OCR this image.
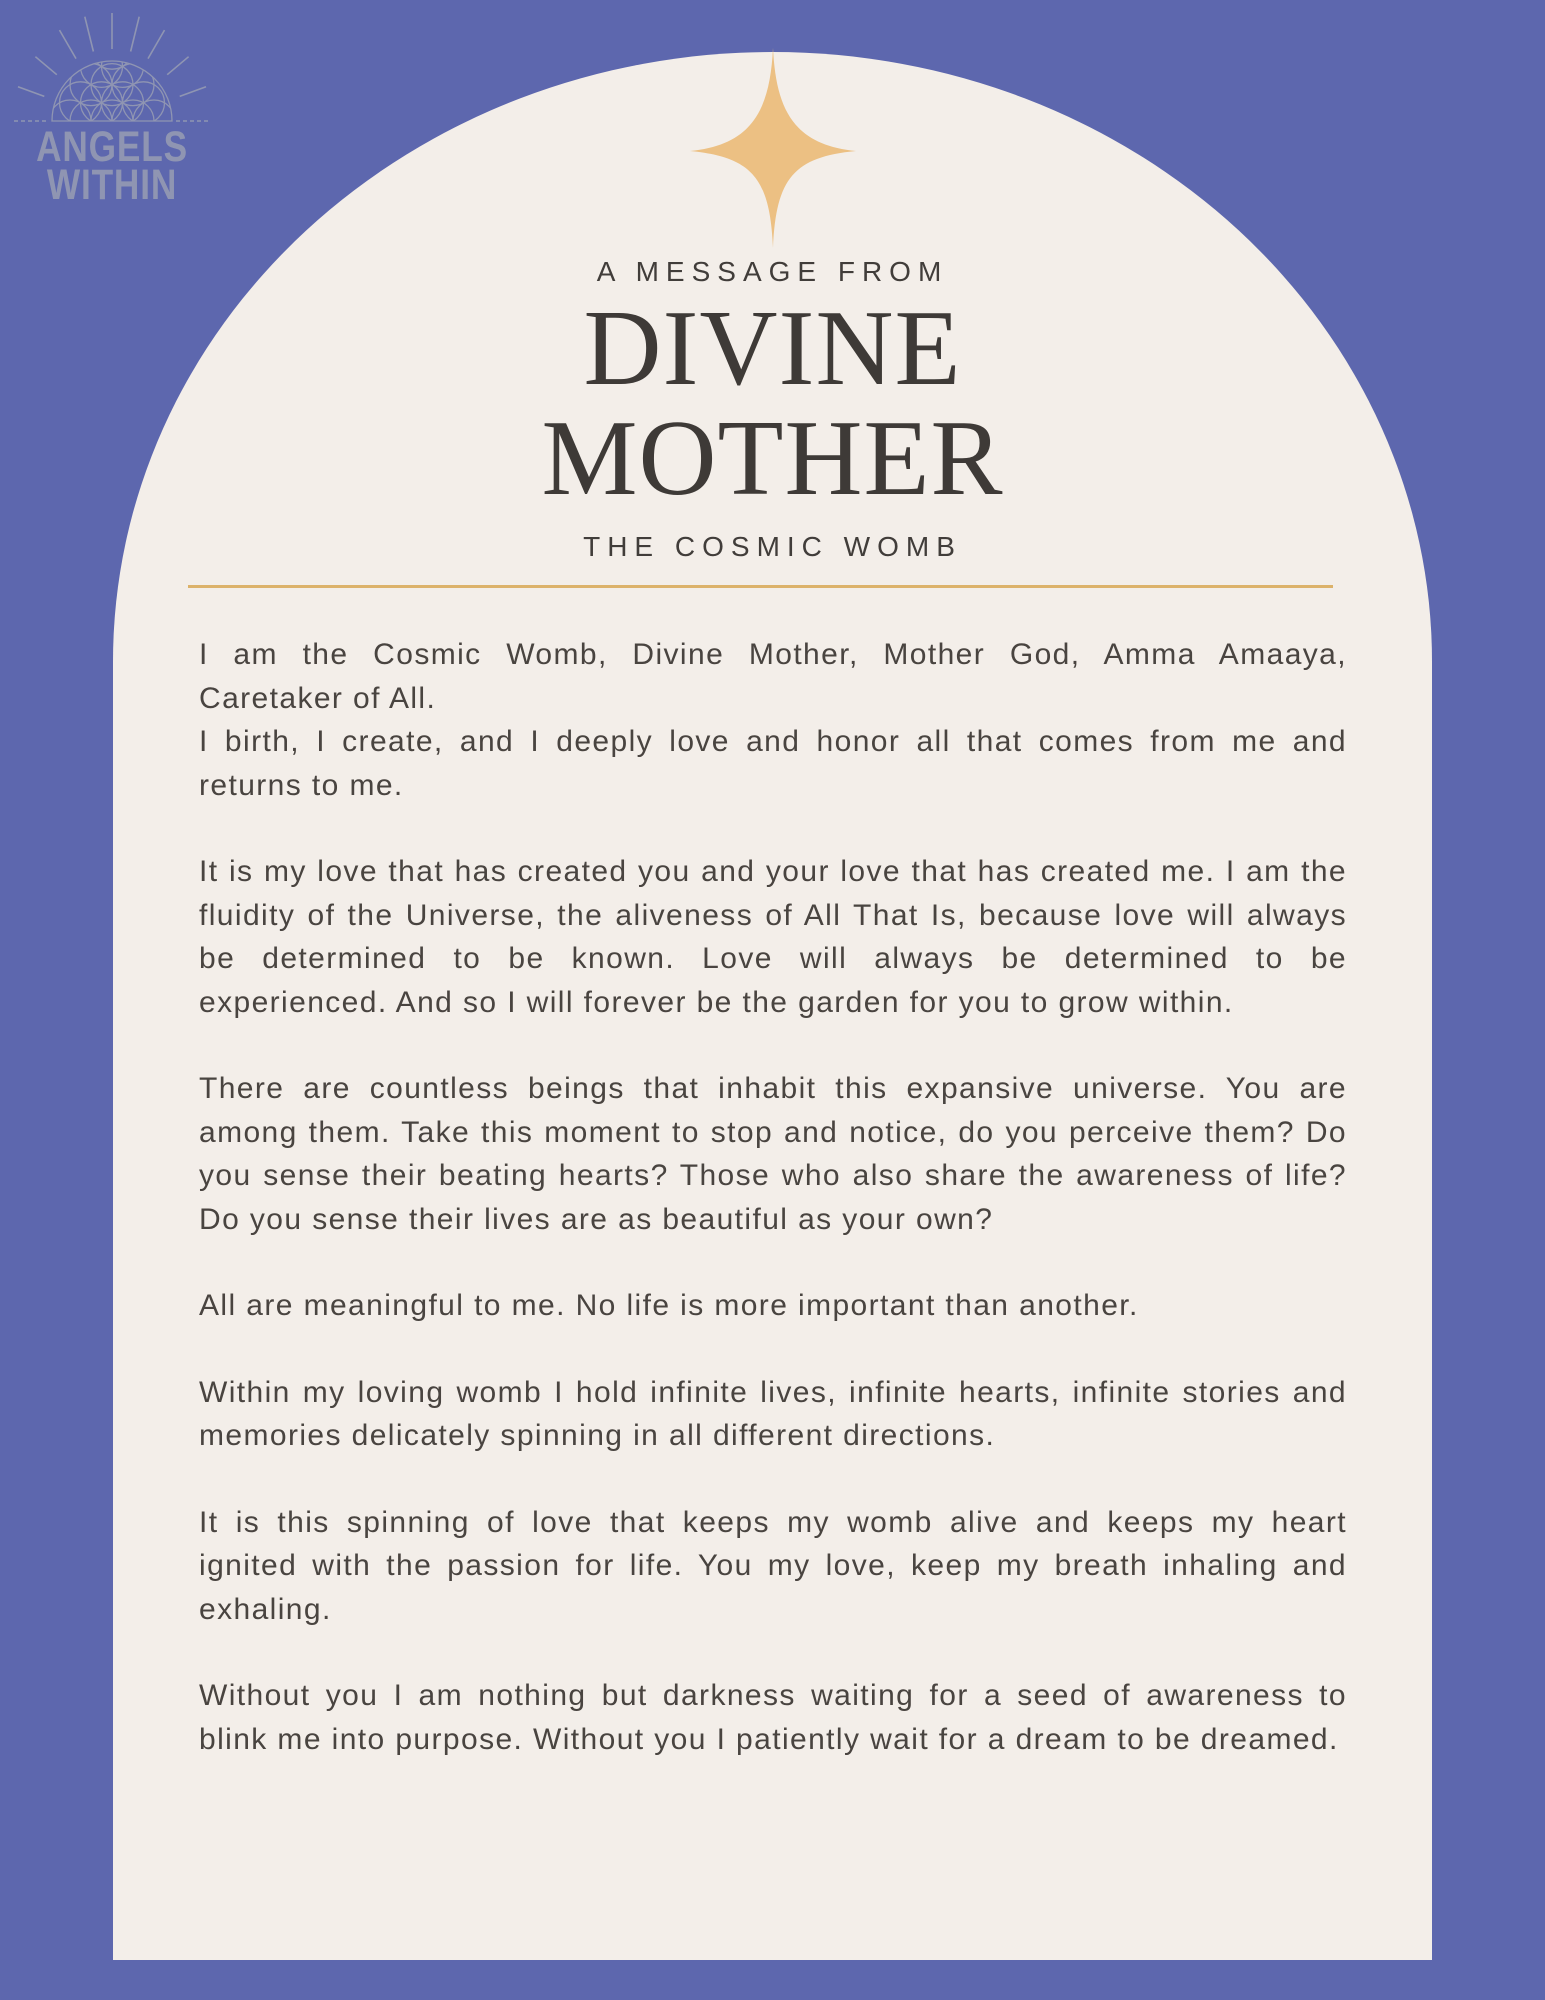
ANGELS
WITHIN
A MESSAGE FROM
DIVINE
MOTHER
THE COSMIC WOMB
I am the Cosmic Womb, Divine Mother, Mother God, Amma Amaaya, Caretaker of All.
I birth, I create, and I deeply love and honor all that comes from me and returns to me.
It is my love that has created you and your love that has created me. I am the fluidity of the Universe, the aliveness of All That Is, because love will always be determined to be known. Love will always be determined to be experienced. And so I will forever be the garden for you to grow within.
There are countless beings that inhabit this expansive universe. You are among them. Take this moment to stop and notice, do you perceive them? Do you sense their beating hearts? Those who also share the awareness of life? Do you sense their lives are as beautiful as your own?
All are meaningful to me. No life is more important than another.
Within my loving womb I hold infinite lives, infinite hearts, infinite stories and memories delicately spinning in all different directions.
It is this spinning of love that keeps my womb alive and keeps my heart ignited with the passion for life. You my love, keep my breath inhaling and exhaling.
Without you I am nothing but darkness waiting for a seed of awareness to blink me into purpose. Without you I patiently wait for a dream to be dreamed.
